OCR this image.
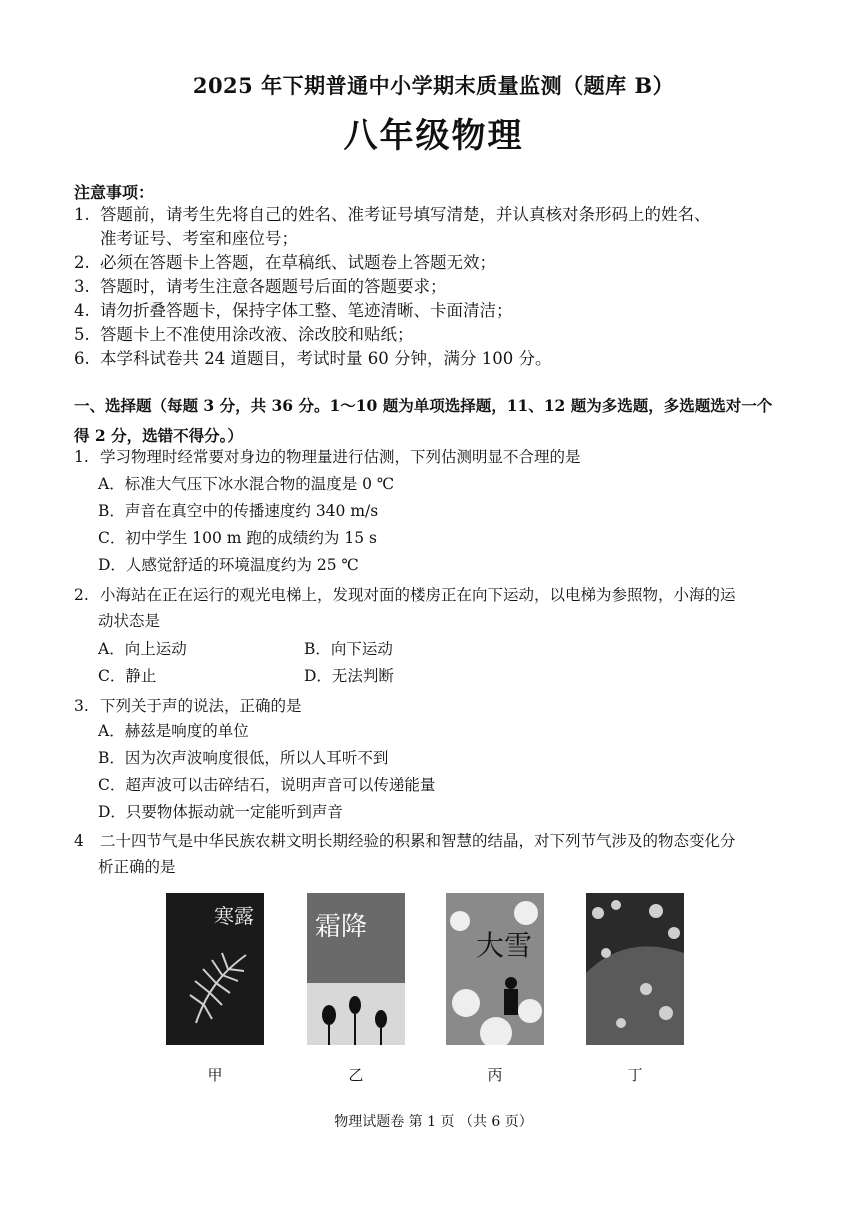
2025 年下期普通中小学期末质量监测（题库 B）
八年级物理
注意事项：
1. 答题前，请考生先将自己的姓名、准考证号填写清楚，并认真核对条形码上的姓名、
准考证号、考室和座位号；
2. 必须在答题卡上答题，在草稿纸、试题卷上答题无效；
3. 答题时，请考生注意各题题号后面的答题要求；
4. 请勿折叠答题卡，保持字体工整、笔迹清晰、卡面清洁；
5. 答题卡上不准使用涂改液、涂改胶和贴纸；
6. 本学科试卷共 24 道题目，考试时量 60 分钟，满分 100 分。
一、选择题（每题 3 分，共 36 分。1～10 题为单项选择题，11、12 题为多选题，多选题选对一个
得 2 分，选错不得分。）
1. 学习物理时经常要对身边的物理量进行估测，下列估测明显不合理的是
A．标准大气压下冰水混合物的温度是 0 ℃
B．声音在真空中的传播速度约 340 m/s
C．初中学生 100 m 跑的成绩约为 15 s
D．人感觉舒适的环境温度约为 25 ℃
2. 小海站在正在运行的观光电梯上，发现对面的楼房正在向下运动，以电梯为参照物，小海的运
动状态是
A．向上运动	B．向下运动
C．静止	D．无法判断
3. 下列关于声的说法，正确的是
A．赫兹是响度的单位
B．因为次声波响度很低，所以人耳听不到
C．超声波可以击碎结石，说明声音可以传递能量
D．只要物体振动就一定能听到声音
4 二十四节气是中华民族农耕文明长期经验的积累和智慧的结晶，对下列节气涉及的物态变化分
析正确的是
寒露 霜降
大雪
甲	乙	丙	丁
物理试题卷 第 1 页 （共 6 页）
